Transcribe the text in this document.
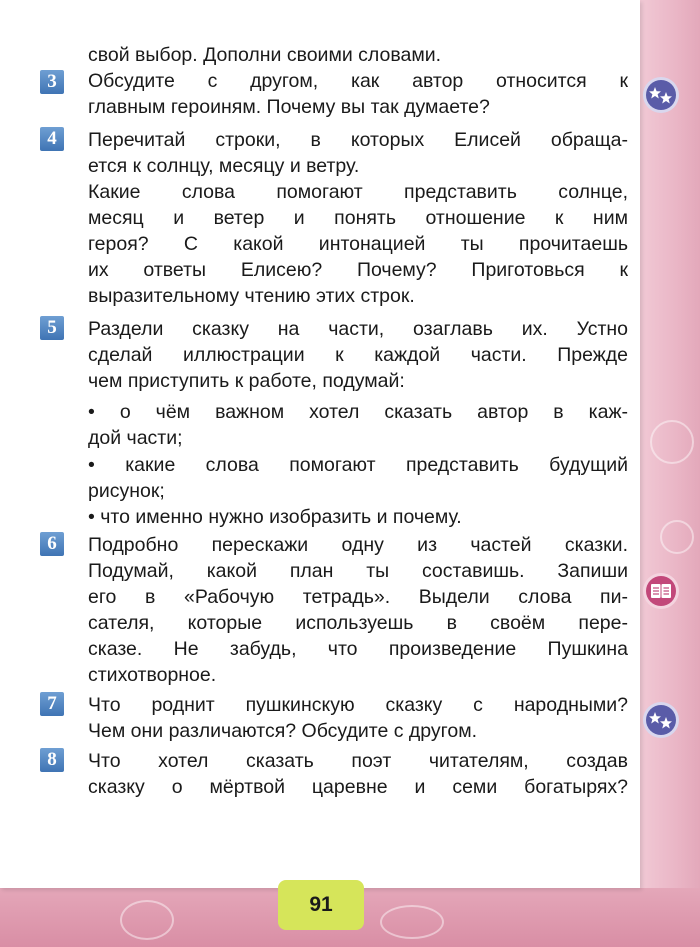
3
4
5
6
7
8
свой выбор. Дополни своими словами.
Обсудите с другом, как автор относится к
главным героиням. Почему вы так думаете?
Перечитай строки, в которых Елисей обраща-
ется к солнцу, месяцу и ветру.
Какие слова помогают представить солнце,
месяц и ветер и понять отношение к ним
героя? С какой интонацией ты прочитаешь
их ответы Елисею? Почему? Приготовься к
выразительному чтению этих строк.
Раздели сказку на части, озаглавь их. Устно
сделай иллюстрации к каждой части. Прежде
чем приступить к работе, подумай:
• о чём важном хотел сказать автор в каж-
дой части;
• какие слова помогают представить будущий
рисунок;
• что именно нужно изобразить и почему.
Подробно перескажи одну из частей сказки.
Подумай, какой план ты составишь. Запиши
его в «Рабочую тетрадь». Выдели слова пи-
сателя, которые используешь в своём пере-
сказе. Не забудь, что произведение Пушкина
стихотворное.
Что роднит пушкинскую сказку с народными?
Чем они различаются? Обсудите с другом.
Что хотел сказать поэт читателям, создав
сказку о мёртвой царевне и семи богатырях?
91
